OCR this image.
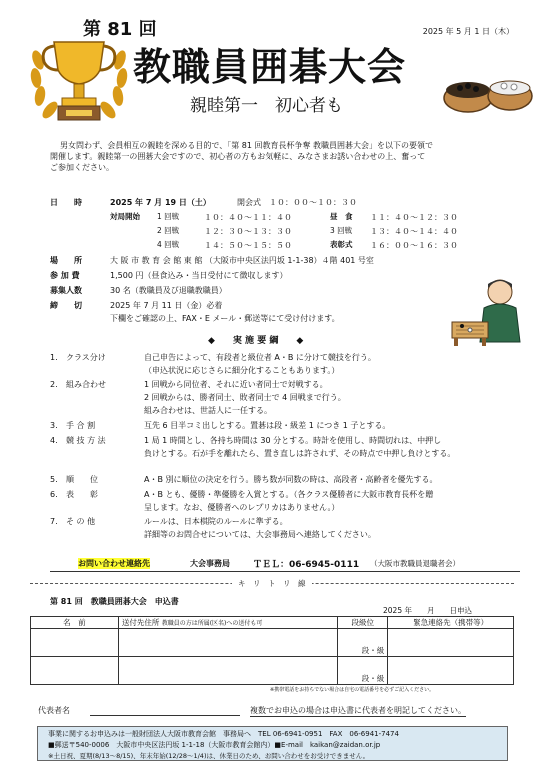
第 81 回	2025 年 5 月 1 日（木）
教職員囲碁大会
親睦第一　初心者も
男女問わず、会員相互の親睦を深める目的で、「第 81 回教育長杯争奪 教職員囲碁大会」を以下の要領で
開催します。親睦第一の囲碁大会ですので、初心者の方もお気軽に、みなさまお誘い合わせの上、奮って
ご参加ください。
日　　時	2025 年 7 月 19 日（土）	開会式　１０：００～１０：３０
対局開始 1 回戦	１０：４０～１１：４０	昼　食 １１：４０～１２：３０
2 回戦	１２：３０～１３：３０	3 回戦 １３：４０～１４：４０
4 回戦	１４：５０～１５：５０	表彰式 １６：００～１６：３０
場　　所	大 阪 市 教 育 会 館 東 館 （大阪市中央区法円坂 1-1-38）４階 401 号室
参 加 費	1,500 円（昼食込み・当日受付にて徴収します）
募集人数	30 名（教職員及び退職教職員）
締　　切	2025 年 7 月 11 日（金）必着
下欄をご確認の上、FAX・E メール・郵送等にて受け付けます。
◆　　実 施 要 綱　　◆
1. クラス分け	自己申告によって、有段者と級位者 A・B に分けて競技を行う。
（申込状況に応じさらに細分化することもあります。）
2. 組み合わせ	1 回戦から同位者、それに近い者同士で対戦する。
2 回戦からは、勝者同士、敗者同士で 4 回戦まで行う。
組み合わせは、世話人に一任する。
3. 手 合 割	互先 6 目半コミ出しとする。置碁は段・級差 1 につき 1 子とする。
4. 競 技 方 法	1 局 1 時間とし、各持ち時間は 30 分とする。時計を使用し、時間切れは、中押し
負けとする。石が手を離れたら、置き直しは許されず、その時点で中押し負けとする。
5. 順　　位	A・B 別に順位の決定を行う。勝ち数が同数の時は、高段者・高齢者を優先する。
6. 表　　彰	A・B とも、優勝・準優勝を入賞とする。（各クラス優勝者に大阪市教育長杯を贈
呈します。なお、優勝者へのレプリカはありません。）
7. そ の 他	ルールは、日本棋院のルールに準ずる。
詳細等のお問合せについては、大会事務局へ連絡してください。
お問い合わせ連絡先	大会事務局	ＴＥＬ：06-6945-0111 （大阪市教職員退職者会）
キ　リ　ト　リ　線
第 81 回　教職員囲碁大会　申込書
2025 年　　月　　日申込
名　前	送付先住所 教職員の方は所属(区名)への送付も可	段級位	緊急連絡先（携帯等）
		段・級	
		段・級	
※携帯電話をお持ちでない場合は自宅の電話番号を必ずご記入ください。
代表者名	複数でお申込の場合は申込書に代表者を明記してください。
事業に関するお申込みは一般財団法人大阪市教育会館　事務局へ　TEL 06-6941-0951　FAX　06-6941-7474
■郵送〒540-0006　大阪市中央区法円坂 1-1-18（大阪市教育会館内）■E-mail　kaikan@zaidan.or.jp
※土日祝、夏期(8/13～8/15)、年末年始(12/28～1/4)は、休業日のため、お問い合わせをお受けできません。
